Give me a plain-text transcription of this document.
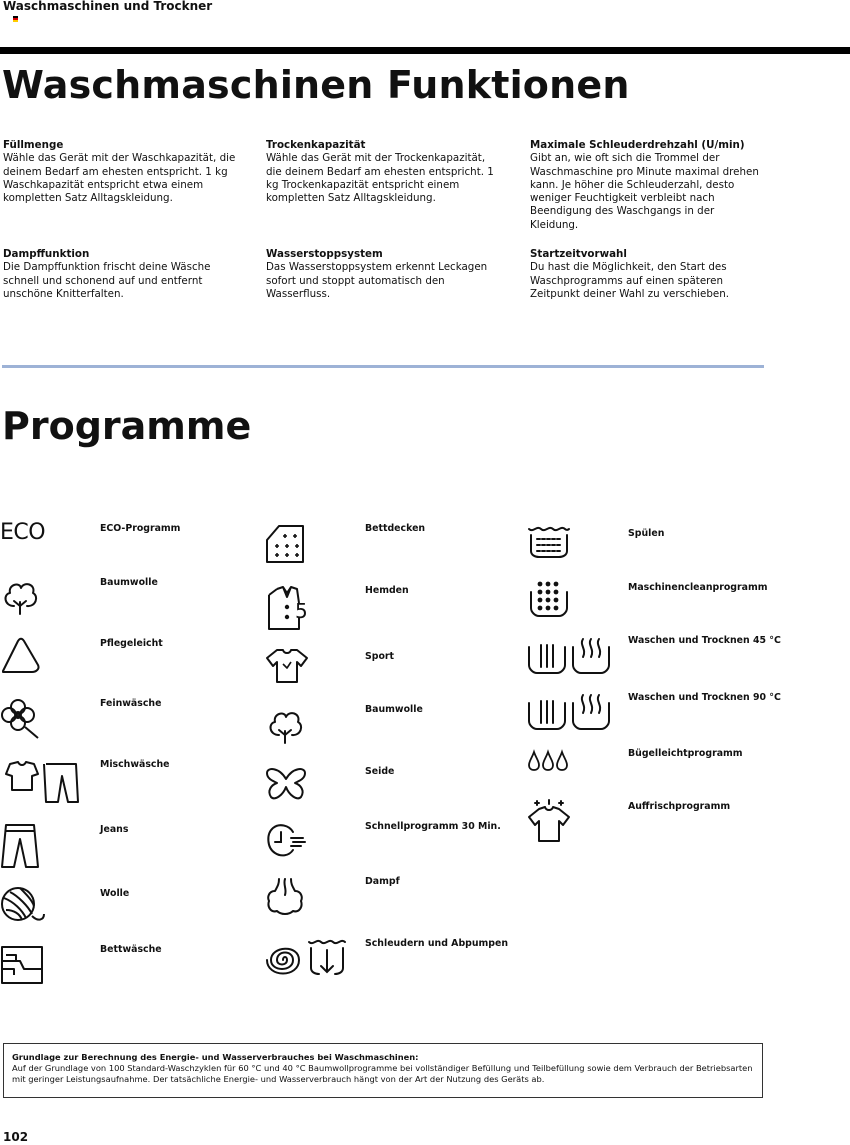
Waschmaschinen und Trockner
Waschmaschinen Funktionen
Füllmenge
Wähle das Gerät mit der Waschkapazität, die deinem Bedarf am ehesten entspricht. 1 kg Waschkapazität entspricht etwa einem kompletten Satz Alltagskleidung.
Trockenkapazität
Wähle das Gerät mit der Trockenkapazität, die deinem Bedarf am ehesten entspricht. 1 kg Trockenkapazität entspricht einem kompletten Satz Alltagskleidung.
Maximale Schleuderdrehzahl (U/min)
Gibt an, wie oft sich die Trommel der Waschmaschine pro Minute maximal drehen kann. Je höher die Schleuderzahl, desto weniger Feuchtigkeit verbleibt nach Beendigung des Waschgangs in der Kleidung.
Dampffunktion
Die Dampffunktion frischt deine Wäsche schnell und schonend auf und entfernt unschöne Knitterfalten.
Wasserstoppsystem
Das Wasserstoppsystem erkennt Leckagen sofort und stoppt automatisch den Wasserfluss.
Startzeitvorwahl
Du hast die Möglichkeit, den Start des Waschprogramms auf einen späteren Zeitpunkt deiner Wahl zu verschieben.
Programme
ECO	ECO-Programm
Baumwolle
Pflegeleicht
Feinwäsche
Mischwäsche
Jeans
Wolle
Bettwäsche
Bettdecken
5
Hemden
Sport
Baumwolle
Seide
Schnellprogramm 30 Min.
Dampf
Schleudern und Abpumpen
Spülen
Maschinencleanprogramm
Waschen und Trocknen 45 °C
Waschen und Trocknen 90 °C
Bügelleichtprogramm
Auffrischprogramm
Grundlage zur Berechnung des Energie- und Wasserverbrauches bei Waschmaschinen:
Auf der Grundlage von 100 Standard-Waschzyklen für 60 °C und 40 °C Baumwollprogramme bei vollständiger Befüllung und Teilbefüllung sowie dem Verbrauch der Betriebsarten mit geringer Leistungsaufnahme. Der tatsächliche Energie- und Wasserverbrauch hängt von der Art der Nutzung des Geräts ab.
102
